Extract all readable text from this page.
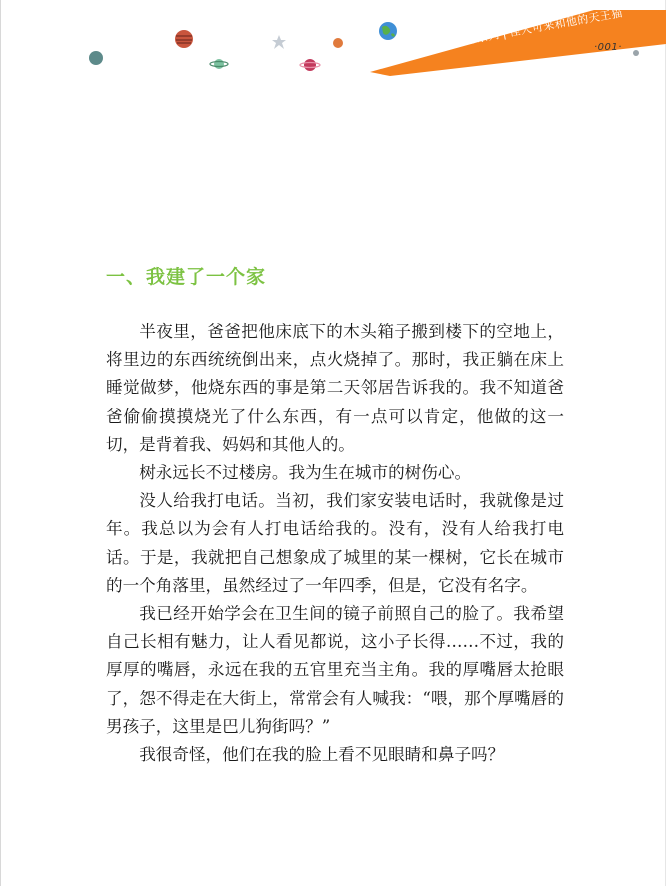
咖啡系列|怪人可来和他的天王猫
·001·
一、我建了一个家

半夜里，爸爸把他床底下的木头箱子搬到楼下的空地上，将里边的东西统统倒出来，点火烧掉了。那时，我正躺在床上睡觉做梦，他烧东西的事是第二天邻居告诉我的。我不知道爸爸偷偷摸摸烧光了什么东西，有一点可以肯定，他做的这一切，是背着我、妈妈和其他人的。

树永远长不过楼房。我为生在城市的树伤心。

没人给我打电话。当初，我们家安装电话时，我就像是过年。我总以为会有人打电话给我的。没有，没有人给我打电话。于是，我就把自己想象成了城里的某一棵树，它长在城市的一个角落里，虽然经过了一年四季，但是，它没有名字。

我已经开始学会在卫生间的镜子前照自己的脸了。我希望自己长相有魅力，让人看见都说，这小子长得……不过，我的厚厚的嘴唇，永远在我的五官里充当主角。我的厚嘴唇太抢眼了，怨不得走在大街上，常常会有人喊我：“喂，那个厚嘴唇的男孩子，这里是巴儿狗街吗？”

我很奇怪，他们在我的脸上看不见眼睛和鼻子吗？
